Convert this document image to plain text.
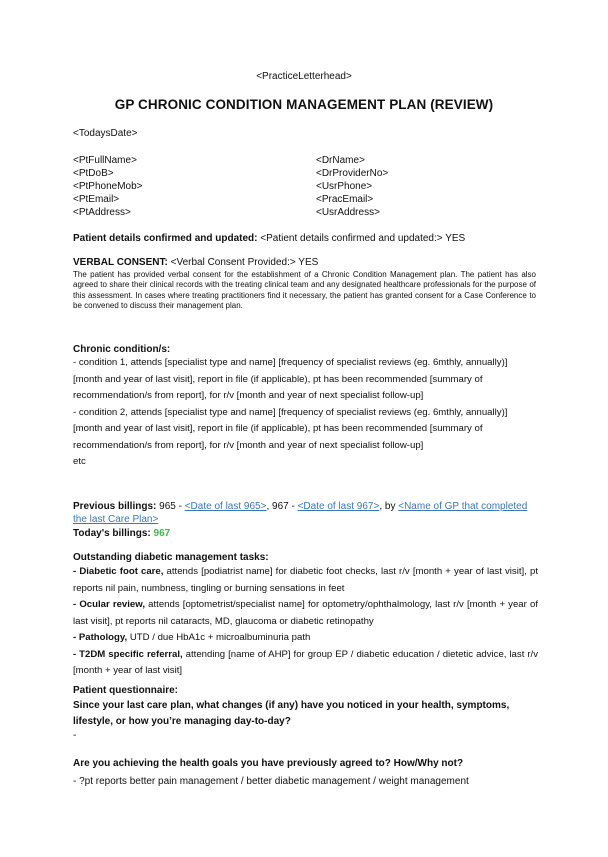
<PracticeLetterhead>
GP CHRONIC CONDITION MANAGEMENT PLAN (REVIEW)
<TodaysDate>
<PtFullName>
<PtDoB>
<PtPhoneMob>
<PtEmail>
<PtAddress>
<DrName>
<DrProviderNo>
<UsrPhone>
<PracEmail>
<UsrAddress>
Patient details confirmed and updated: <Patient details confirmed and updated:> YES
VERBAL CONSENT: <Verbal Consent Provided:> YES
The patient has provided verbal consent for the establishment of a Chronic Condition Management plan. The patient has also agreed to share their clinical records with the treating clinical team and any designated healthcare professionals for the purpose of this assessment. In cases where treating practitioners find it necessary, the patient has granted consent for a Case Conference to be convened to discuss their management plan.
Chronic condition/s:
- condition 1, attends [specialist type and name] [frequency of specialist reviews (eg. 6mthly, annually)] [month and year of last visit], report in file (if applicable), pt has been recommended [summary of recommendation/s from report], for r/v [month and year of next specialist follow-up]
- condition 2, attends [specialist type and name] [frequency of specialist reviews (eg. 6mthly, annually)] [month and year of last visit], report in file (if applicable), pt has been recommended [summary of recommendation/s from report], for r/v [month and year of next specialist follow-up]
etc
Previous billings: 965 - <Date of last 965>, 967 - <Date of last 967>, by <Name of GP that completed the last Care Plan>
Today's billings: 967
Outstanding diabetic management tasks:
- Diabetic foot care, attends [podiatrist name] for diabetic foot checks, last r/v [month + year of last visit], pt reports nil pain, numbness, tingling or burning sensations in feet
- Ocular review, attends [optometrist/specialist name] for optometry/ophthalmology, last r/v [month + year of last visit], pt reports nil cataracts, MD, glaucoma or diabetic retinopathy
- Pathology, UTD / due HbA1c + microalbuminuria path
- T2DM specific referral, attending [name of AHP] for group EP / diabetic education / dietetic advice, last r/v [month + year of last visit]
Patient questionnaire:
Since your last care plan, what changes (if any) have you noticed in your health, symptoms, lifestyle, or how you’re managing day-to-day?
-
Are you achieving the health goals you have previously agreed to? How/Why not?
- ?pt reports better pain management / better diabetic management / weight management
